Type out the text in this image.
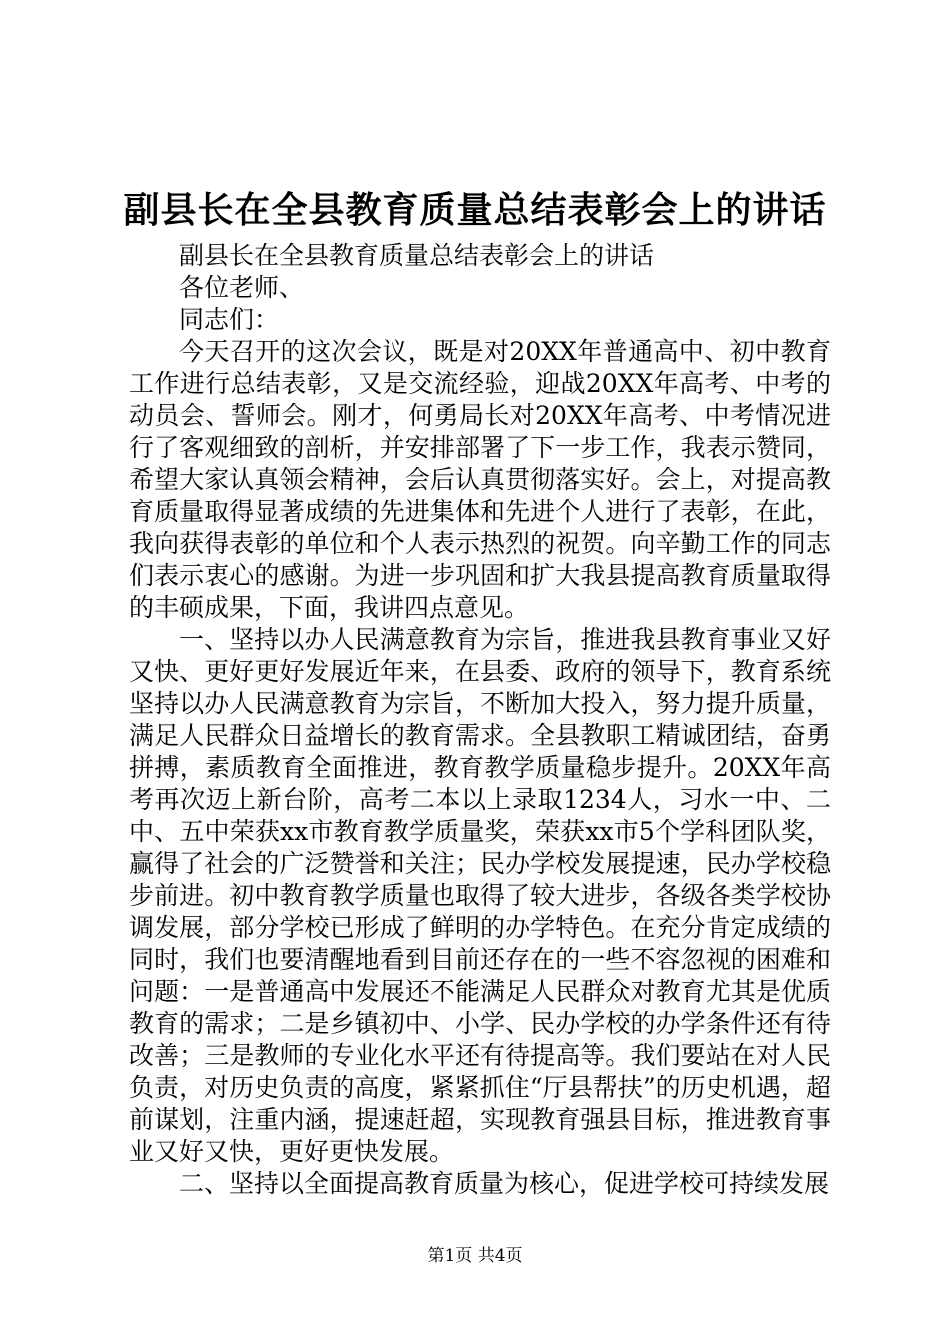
副县长在全县教育质量总结表彰会上的讲话

副县长在全县教育质量总结表彰会上的讲话

各位老师、

同志们：

今天召开的这次会议，既是对20XX年普通高中、初中教育工作进行总结表彰，又是交流经验，迎战20XX年高考、中考的动员会、誓师会。刚才，何勇局长对20XX年高考、中考情况进行了客观细致的剖析，并安排部署了下一步工作，我表示赞同，希望大家认真领会精神，会后认真贯彻落实好。会上，对提高教育质量取得显著成绩的先进集体和先进个人进行了表彰，在此，我向获得表彰的单位和个人表示热烈的祝贺。向辛勤工作的同志们表示衷心的感谢。为进一步巩固和扩大我县提高教育质量取得的丰硕成果，下面，我讲四点意见。

一、坚持以办人民满意教育为宗旨，推进我县教育事业又好又快、更好更好发展近年来，在县委、政府的领导下，教育系统坚持以办人民满意教育为宗旨，不断加大投入，努力提升质量，满足人民群众日益增长的教育需求。全县教职工精诚团结，奋勇拼搏，素质教育全面推进，教育教学质量稳步提升。20XX年高考再次迈上新台阶，高考二本以上录取1234人，习水一中、二中、五中荣获xx市教育教学质量奖，荣获xx市5个学科团队奖，赢得了社会的广泛赞誉和关注；民办学校发展提速，民办学校稳步前进。初中教育教学质量也取得了较大进步，各级各类学校协调发展，部分学校已形成了鲜明的办学特色。在充分肯定成绩的同时，我们也要清醒地看到目前还存在的一些不容忽视的困难和问题：一是普通高中发展还不能满足人民群众对教育尤其是优质教育的需求；二是乡镇初中、小学、民办学校的办学条件还有待改善；三是教师的专业化水平还有待提高等。我们要站在对人民负责，对历史负责的高度，紧紧抓住“厅县帮扶”的历史机遇，超前谋划，注重内涵，提速赶超，实现教育强县目标，推进教育事业又好又快，更好更快发展。

二、坚持以全面提高教育质量为核心，促进学校可持续发展

第1页 共4页
